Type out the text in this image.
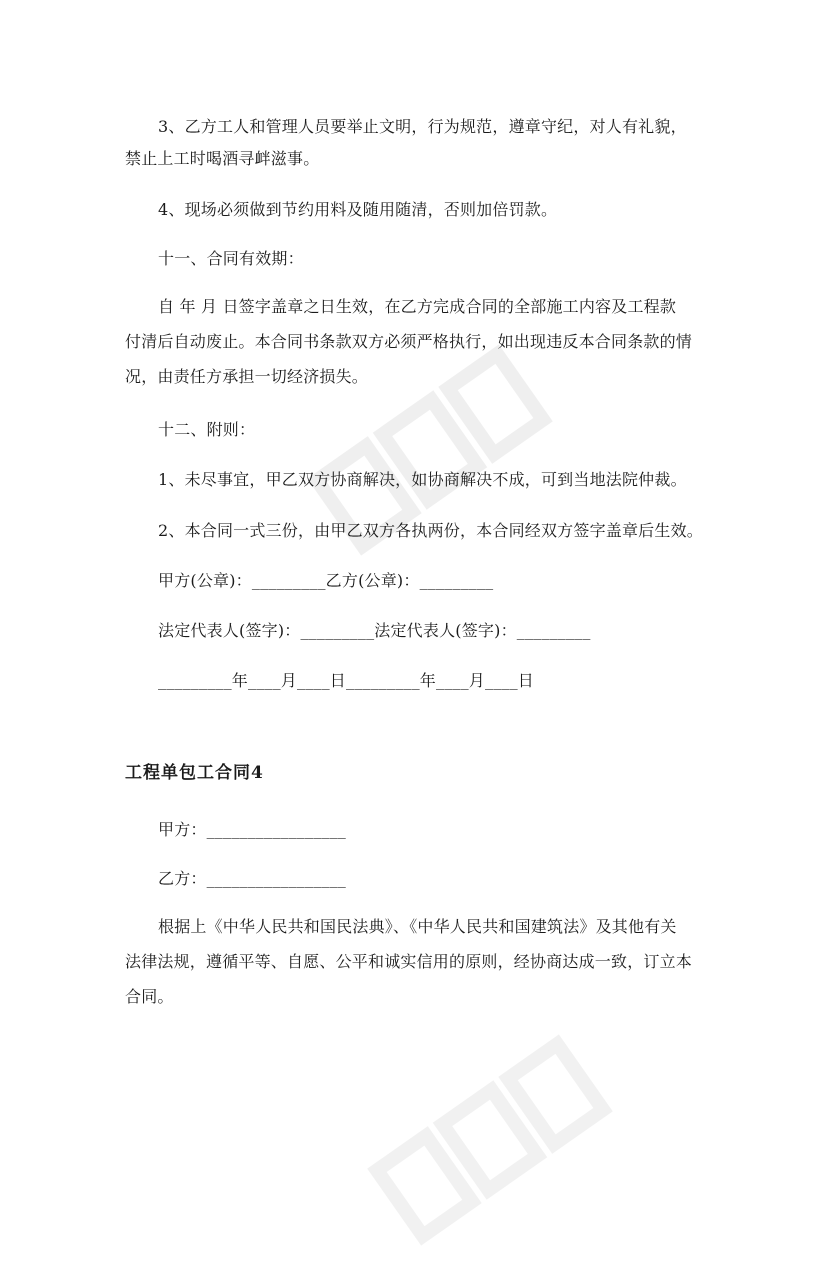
3、乙方工人和管理人员要举止文明，行为规范，遵章守纪，对人有礼貌，
禁止上工时喝酒寻衅滋事。
4、现场必须做到节约用料及随用随清，否则加倍罚款。
十一、合同有效期：
自 年 月 日签字盖章之日生效，在乙方完成合同的全部施工内容及工程款
付清后自动废止。本合同书条款双方必须严格执行，如出现违反本合同条款的情
况，由责任方承担一切经济损失。
十二、附则：
1、未尽事宜，甲乙双方协商解决，如协商解决不成，可到当地法院仲裁。
2、本合同一式三份，由甲乙双方各执两份，本合同经双方签字盖章后生效。
甲方(公章)：_________乙方(公章)：_________
法定代表人(签字)：_________法定代表人(签字)：_________
_________年____月____日_________年____月____日
工程单包工合同4
甲方：_________________
乙方：_________________
根据上《中华人民共和国民法典》、《中华人民共和国建筑法》及其他有关
法律法规，遵循平等、自愿、公平和诚实信用的原则，经协商达成一致，订立本
合同。
